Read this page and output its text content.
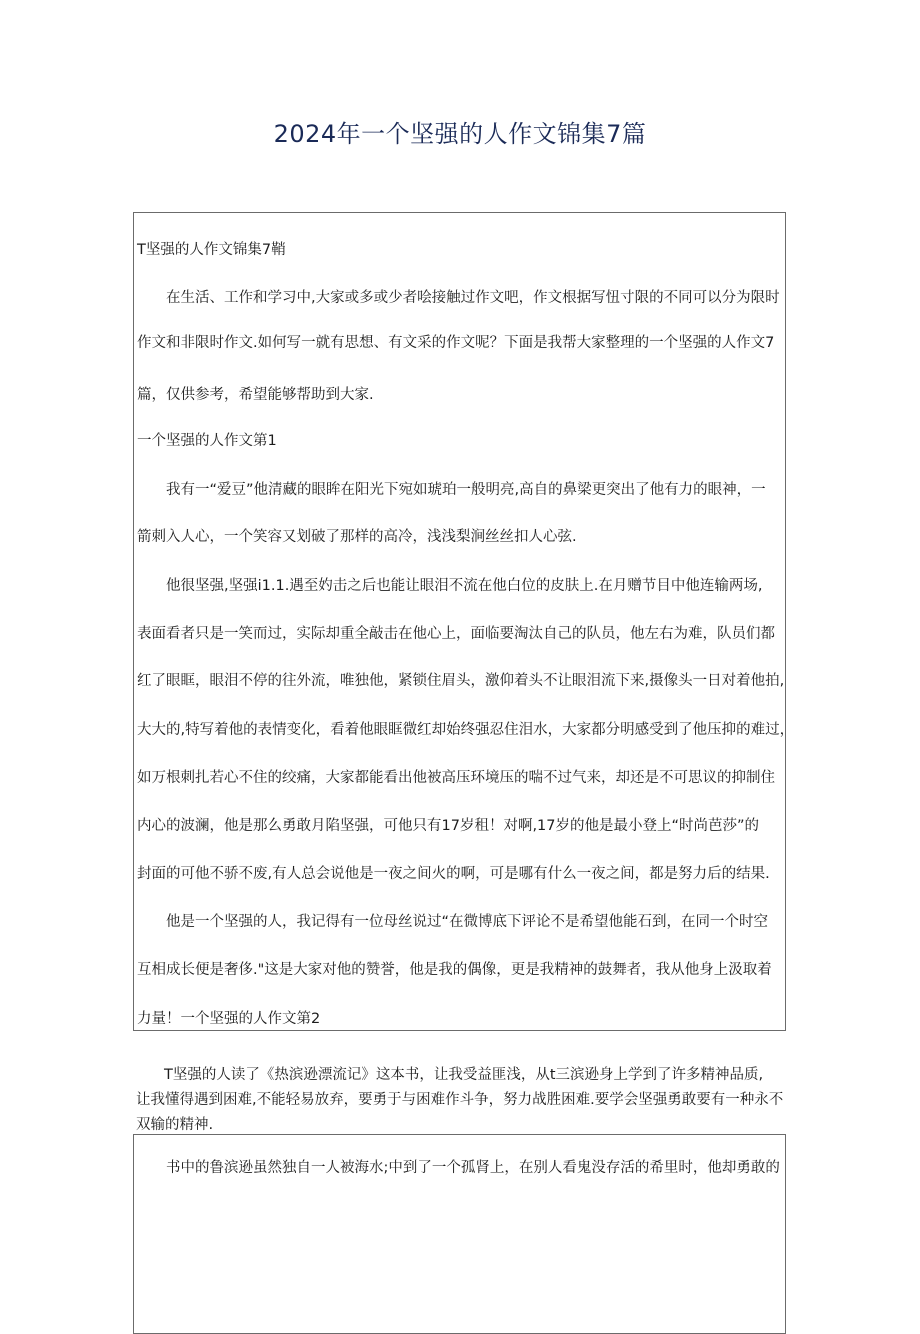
2024年一个坚强的人作文锦集7篇
T坚强的人作文锦集7鞘
在生活、工作和学习中,大家或多或少者哙接触过作文吧，作文根据写忸寸限的不同可以分为限时
作文和非限时作文.如何写一就有思想、有文采的作文呢？下面是我帮大家整理的一个坚强的人作文7
篇，仅供参考，希望能够帮助到大家.
一个坚强的人作文第1
我有一“爱豆”他清藏的眼眸在阳光下宛如琥珀一般明亮,高自的鼻梁更突出了他有力的眼神，一
箭刺入人心，一个笑容又划破了那样的高冷，浅浅梨涧丝丝扣人心弦.
他很坚强,坚强i1.1.遇至妁击之后也能让眼泪不流在他白位的皮肤上.在月赠节目中他连输两场,
表面看者只是一笑而过，实际却重全敲击在他心上，面临要淘汰自己的队员，他左右为难，队员们都
红了眼眶，眼泪不停的往外流，唯独他，紧锁住眉头，激仰着头不让眼泪流下来,摄像头一日对着他拍,
大大的,特写着他的表情变化，看着他眼眶微红却始终强忍住泪水，大家都分明感受到了他压抑的难过，
如万根刺扎若心不住的绞痛，大家都能看出他被高压环境压的喘不过气来，却还是不可思议的抑制住
内心的波澜，他是那么勇敢月陷坚强，可他只有17岁租！对啊,17岁的他是最小登上“时尚芭莎”的
封面的可他不骄不废,有人总会说他是一夜之间火的啊，可是哪有什么一夜之间，都是努力后的结果.
他是一个坚强的人，我记得有一位母丝说过“在微博底下评论不是希望他能石到，在同一个时空
互相成长便是奢侈."这是大家对他的赞誉，他是我的偶像，更是我精神的鼓舞者，我从他身上汲取着
力量！一个坚强的人作文第2
T坚强的人读了《热滨逊漂流记》这本书，让我受益匪浅，从t三滨逊身上学到了许多精神品质,
让我懂得遇到困难,不能轻易放弃，要勇于与困难作斗争，努力战胜困难.要学会坚强勇敢要有一种永不
双输的精神.
书中的鲁滨逊虽然独自一人被海水;中到了一个孤肾上，在别人看鬼没存活的希里时，他却勇敢的
